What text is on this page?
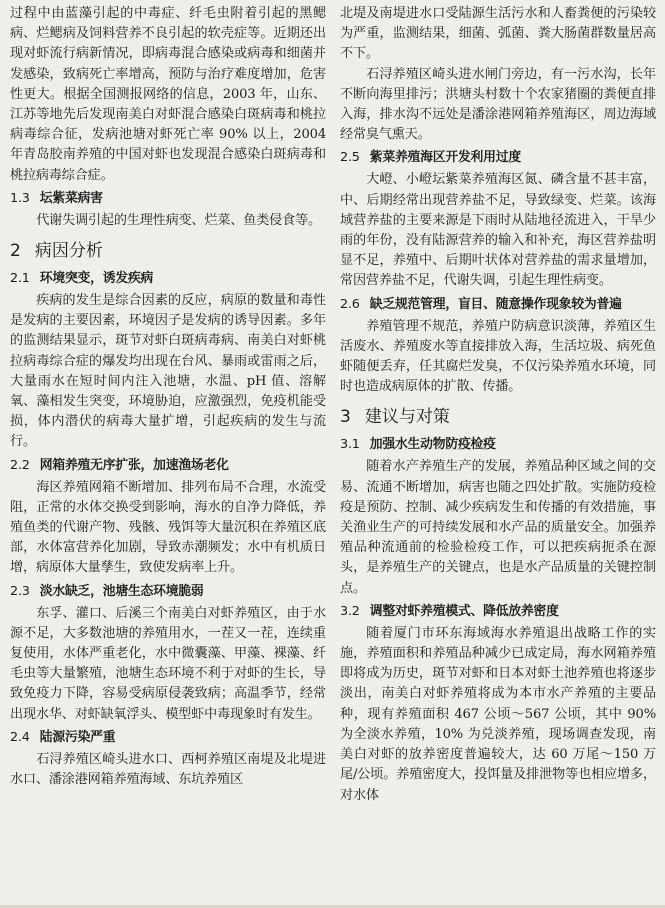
过程中由蓝藻引起的中毒症、纤毛虫附着引起的黑鳃病、烂鳃病及饲料营养不良引起的软壳症等。近期还出现对虾流行病新情况，即病毒混合感染或病毒和细菌并发感染，致病死亡率增高，预防与治疗难度增加，危害性更大。根据全国测报网络的信息，2003 年，山东、江苏等地先后发现南美白对虾混合感染白斑病毒和桃拉病毒综合征，发病池塘对虾死亡率 90% 以上，2004 年青岛胶南养殖的中国对虾也发现混合感染白斑病毒和桃拉病毒综合症。

1.3 坛紫菜病害

代谢失调引起的生理性病变、烂菜、鱼类侵食等。

2 病因分析
2.1 环境突变，诱发疾病

疾病的发生是综合因素的反应，病原的数量和毒性是发病的主要因素，环境因子是发病的诱导因素。多年的监测结果显示，斑节对虾白斑病毒病、南美白对虾桃拉病毒综合症的爆发均出现在台风、暴雨或雷雨之后，大量雨水在短时间内注入池塘，水温、pH 值、溶解氧、藻相发生突变，环境胁迫，应激强烈，免疫机能受损，体内潜伏的病毒大量扩增，引起疾病的发生与流行。

2.2 网箱养殖无序扩张，加速渔场老化

海区养殖网箱不断增加、排列布局不合理，水流受阻，正常的水体交换受到影响，海水的自净力降低，养殖鱼类的代谢产物、残骸、残饵等大量沉积在养殖区底部，水体富营养化加剧，导致赤潮频发；水中有机质日增，病原体大量孳生，致使发病率上升。

2.3 淡水缺乏，池塘生态环境脆弱

东孚、灌口、后溪三个南美白对虾养殖区，由于水源不足，大多数池塘的养殖用水，一茬又一茬，连续重复使用，水体严重老化，水中微囊藻、甲藻、裸藻、纤毛虫等大量繁殖，池塘生态环境不利于对虾的生长，导致免疫力下降，容易受病原侵袭致病；高温季节，经常出现水华、对虾缺氧浮头、模型虾中毒现象时有发生。

2.4 陆源污染严重

石浔养殖区崎头进水口、西柯养殖区南堤及北堤进水口、潘涂港网箱养殖海域、东坑养殖区

北堤及南堤进水口受陆源生活污水和人畜粪便的污染较为严重，监测结果，细菌、弧菌、粪大肠菌群数量居高不下。

石浔养殖区崎头进水闸门旁边，有一污水沟，长年不断向海里排污；洪塘头村数十个农家猪圈的粪便直排入海，排水沟不远处是潘涂港网箱养殖海区，周边海域经常臭气熏天。

2.5 紫菜养殖海区开发利用过度

大嶝、小嶝坛紫菜养殖海区氮、磷含量不甚丰富，中、后期经常出现营养盐不足，导致绿变、烂菜。该海域营养盐的主要来源是下雨时从陆地径流进入，干旱少雨的年份，没有陆源营养的输入和补充，海区营养盐明显不足，养殖中、后期叶状体对营养盐的需求量增加，常因营养盐不足，代谢失调，引起生理性病变。

2.6 缺乏规范管理，盲目、随意操作现象较为普遍

养殖管理不规范，养殖户防病意识淡薄，养殖区生活废水、养殖废水等直接排放入海，生活垃圾、病死鱼虾随便丢弃，任其腐烂发臭，不仅污染养殖水环境，同时也造成病原体的扩散、传播。

3 建议与对策
3.1 加强水生动物防疫检疫

随着水产养殖生产的发展，养殖品种区域之间的交易、流通不断增加，病害也随之四处扩散。实施防疫检疫是预防、控制、减少疾病发生和传播的有效措施，事关渔业生产的可持续发展和水产品的质量安全。加强养殖品种流通前的检验检疫工作，可以把疾病扼杀在源头，是养殖生产的关键点，也是水产品质量的关键控制点。

3.2 调整对虾养殖模式、降低放养密度

随着厦门市环东海域海水养殖退出战略工作的实施，养殖面积和养殖品种减少已成定局，海水网箱养殖即将成为历史，斑节对虾和日本对虾土池养殖也将逐步淡出，南美白对虾养殖将成为本市水产养殖的主要品种，现有养殖面积 467 公顷～567 公顷，其中 90% 为全淡水养殖，10% 为兑淡养殖，现场调查发现，南美白对虾的放养密度普遍较大，达 60 万尾～150 万尾/公顷。养殖密度大，投饵量及排泄物等也相应增多，对水体
